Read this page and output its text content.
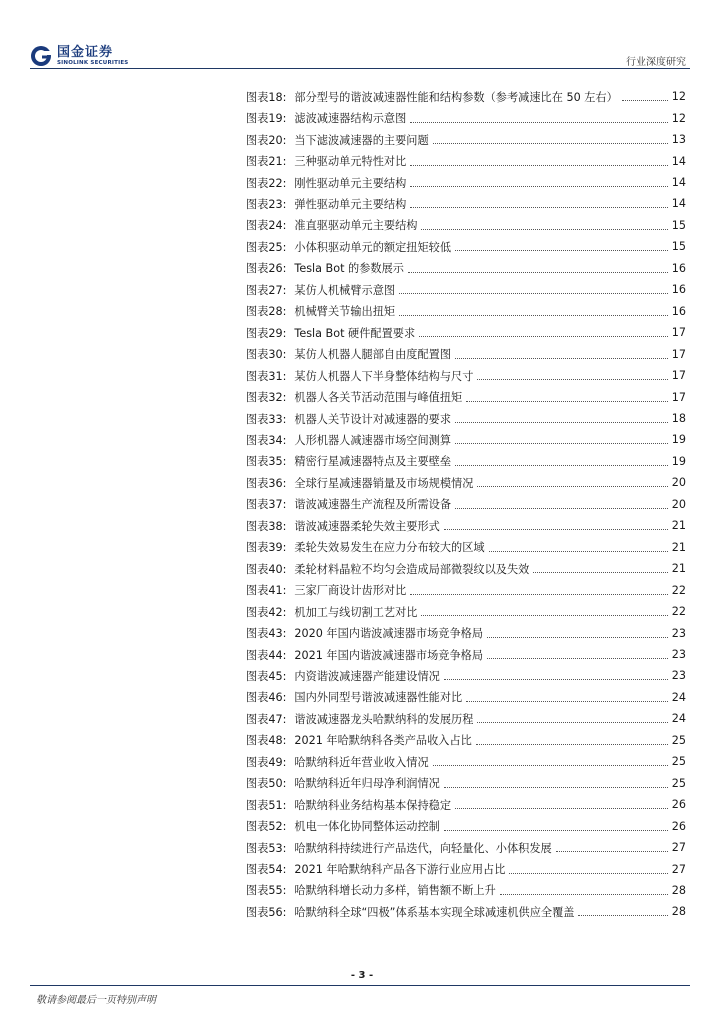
国金证券
SINOLINK SECURITIES	行业深度研究
图表18: 部分型号的谐波减速器性能和结构参数（参考减速比在 50 左右）	12
图表19: 滤波减速器结构示意图	12
图表20: 当下滤波减速器的主要问题	13
图表21: 三种驱动单元特性对比	14
图表22: 刚性驱动单元主要结构	14
图表23: 弹性驱动单元主要结构	14
图表24: 准直驱驱动单元主要结构	15
图表25: 小体积驱动单元的额定扭矩较低	15
图表26: Tesla Bot 的参数展示	16
图表27: 某仿人机械臂示意图	16
图表28: 机械臂关节输出扭矩	16
图表29: Tesla Bot 硬件配置要求	17
图表30: 某仿人机器人腿部自由度配置图	17
图表31: 某仿人机器人下半身整体结构与尺寸	17
图表32: 机器人各关节活动范围与峰值扭矩	17
图表33: 机器人关节设计对减速器的要求	18
图表34: 人形机器人减速器市场空间测算	19
图表35: 精密行星减速器特点及主要壁垒	19
图表36: 全球行星减速器销量及市场规模情况	20
图表37: 谐波减速器生产流程及所需设备	20
图表38: 谐波减速器柔轮失效主要形式	21
图表39: 柔轮失效易发生在应力分布较大的区域	21
图表40: 柔轮材料晶粒不均匀会造成局部微裂纹以及失效	21
图表41: 三家厂商设计齿形对比	22
图表42: 机加工与线切割工艺对比	22
图表43: 2020 年国内谐波减速器市场竞争格局	23
图表44: 2021 年国内谐波减速器市场竞争格局	23
图表45: 内资谐波减速器产能建设情况	23
图表46: 国内外同型号谐波减速器性能对比	24
图表47: 谐波减速器龙头哈默纳科的发展历程	24
图表48: 2021 年哈默纳科各类产品收入占比	25
图表49: 哈默纳科近年营业收入情况	25
图表50: 哈默纳科近年归母净利润情况	25
图表51: 哈默纳科业务结构基本保持稳定	26
图表52: 机电一体化协同整体运动控制	26
图表53: 哈默纳科持续进行产品迭代，向轻量化、小体积发展	27
图表54: 2021 年哈默纳科产品各下游行业应用占比	27
图表55: 哈默纳科增长动力多样，销售额不断上升	28
图表56: 哈默纳科全球“四极”体系基本实现全球减速机供应全覆盖	28
- 3 -
敬请参阅最后一页特别声明
